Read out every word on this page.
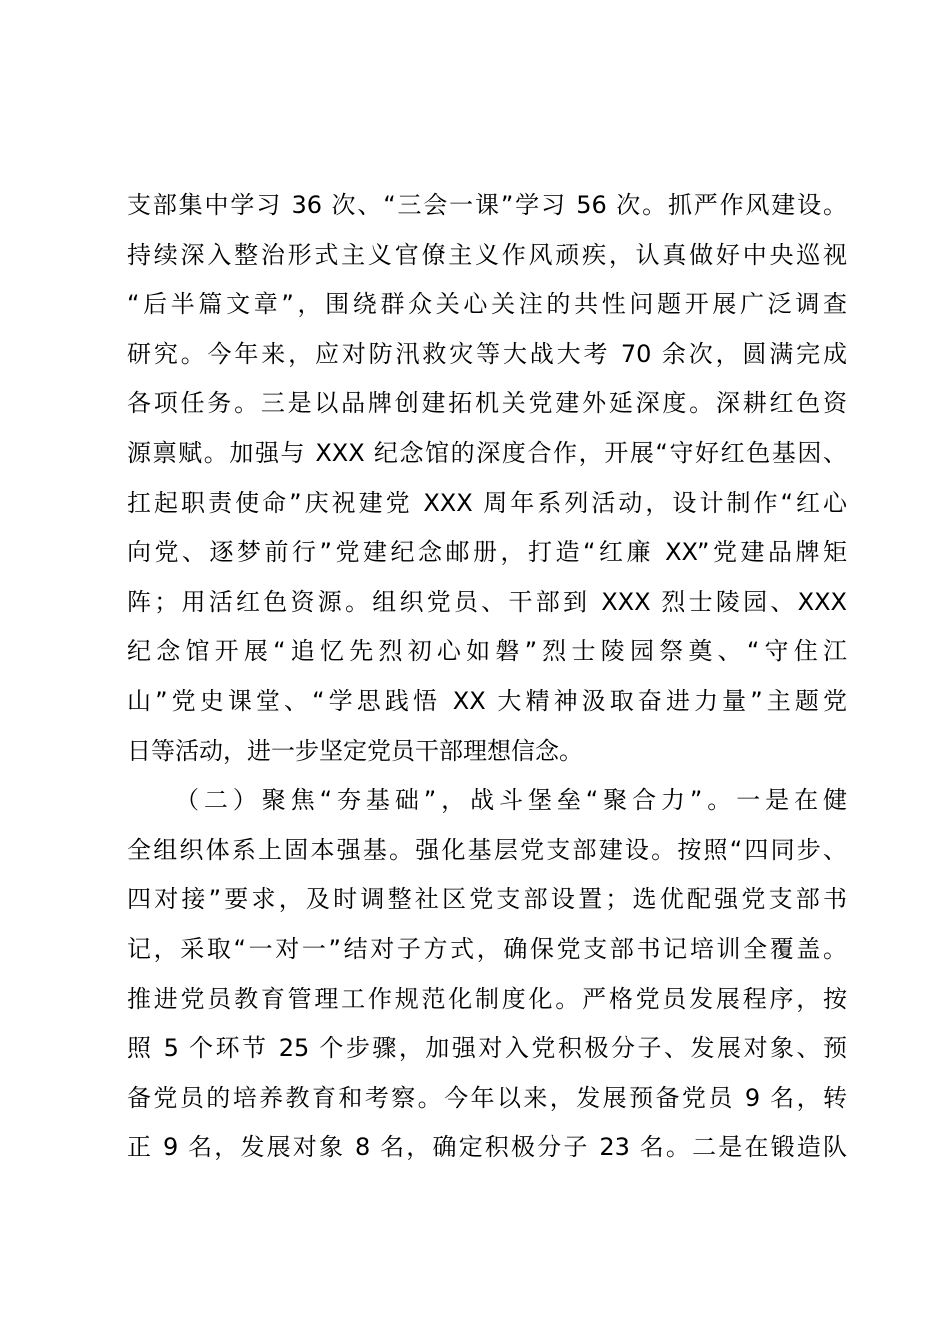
支部集中学习 36 次、“三会一课”学习 56 次。抓严作风建设。
持续深入整治形式主义官僚主义作风顽疾，认真做好中央巡视
“后半篇文章”，围绕群众关心关注的共性问题开展广泛调查
研究。今年来，应对防汛救灾等大战大考 70 余次，圆满完成
各项任务。三是以品牌创建拓机关党建外延深度。深耕红色资
源禀赋。加强与 XXX 纪念馆的深度合作，开展“守好红色基因、
扛起职责使命”庆祝建党 XXX 周年系列活动，设计制作“红心
向党、逐梦前行”党建纪念邮册，打造“红廉 XX”党建品牌矩
阵；用活红色资源。组织党员、干部到 XXX 烈士陵园、XXX
纪念馆开展“追忆先烈初心如磐”烈士陵园祭奠、“守住江
山”党史课堂、“学思践悟 XX 大精神汲取奋进力量”主题党
日等活动，进一步坚定党员干部理想信念。
（二）聚焦“夯基础”，战斗堡垒“聚合力”。一是在健
全组织体系上固本强基。强化基层党支部建设。按照“四同步、
四对接”要求，及时调整社区党支部设置；选优配强党支部书
记，采取“一对一”结对子方式，确保党支部书记培训全覆盖。
推进党员教育管理工作规范化制度化。严格党员发展程序，按
照 5 个环节 25 个步骤，加强对入党积极分子、发展对象、预
备党员的培养教育和考察。今年以来，发展预备党员 9 名，转
正 9 名，发展对象 8 名，确定积极分子 23 名。二是在锻造队
